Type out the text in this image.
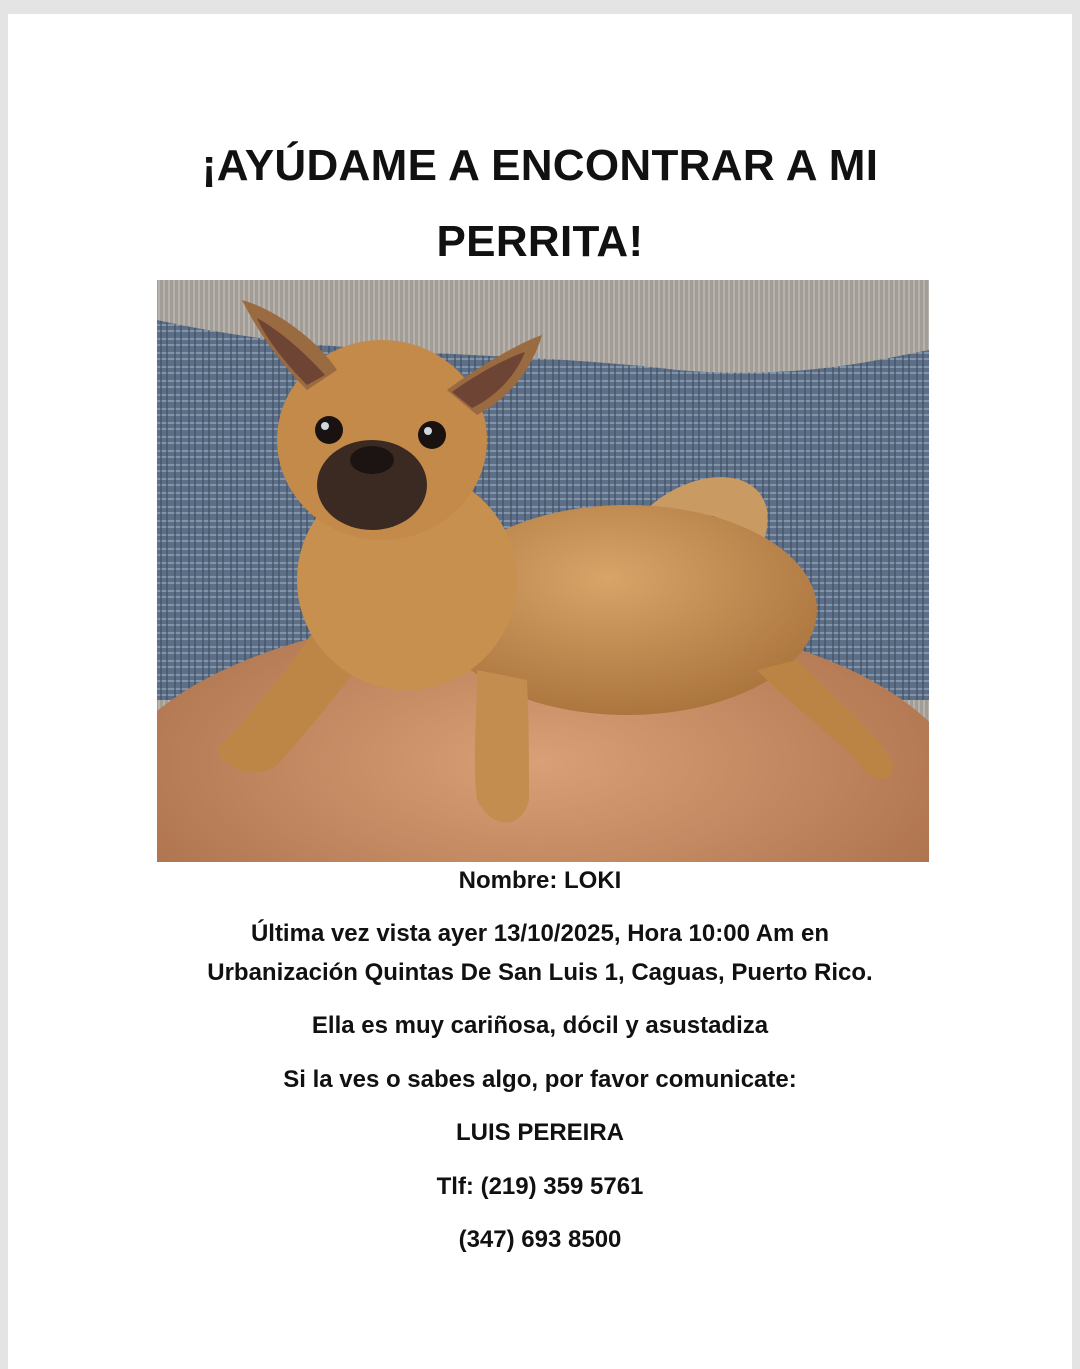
¡AYÚDAME A ENCONTRAR A MI
PERRITA!
Nombre: LOKI
Última vez vista ayer 13/10/2025, Hora 10:00 Am en
Urbanización Quintas De San Luis 1, Caguas, Puerto Rico.
Ella es muy cariñosa, dócil y asustadiza
Si la ves o sabes algo, por favor comunicate:
LUIS PEREIRA
Tlf: (219) 359 5761
(347) 693 8500
